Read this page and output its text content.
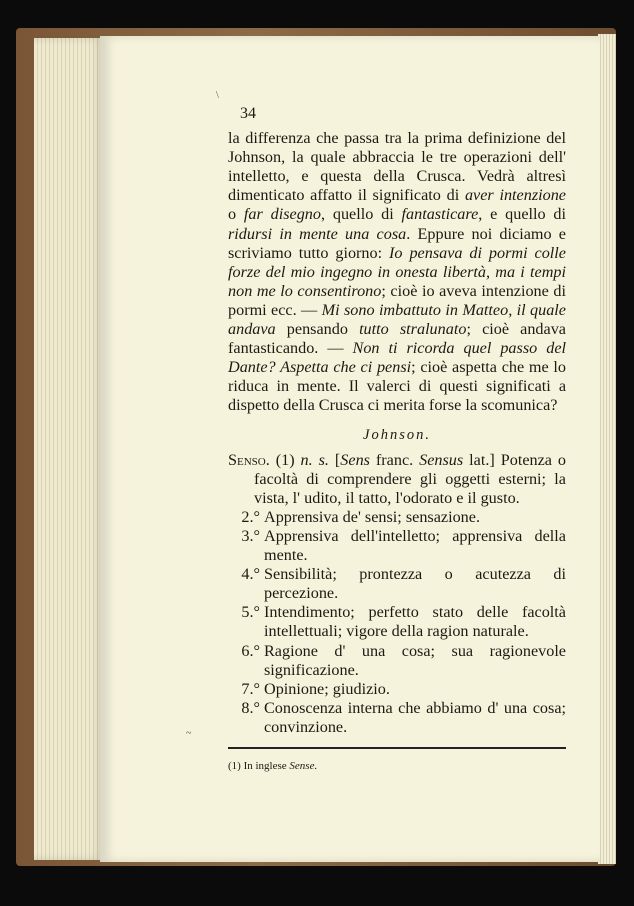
\
34
la differenza che passa tra la prima definizione del Johnson, la quale abbraccia le tre operazioni dell' intelletto, e questa della Crusca. Vedrà altresì dimenticato affatto il significato di aver intenzione o far disegno, quello di fantasticare, e quello di ridursi in mente una cosa. Eppure noi diciamo e scriviamo tutto giorno: Io pensava di pormi colle forze del mio ingegno in onesta libertà, ma i tempi non me lo consentirono; cioè io aveva intenzione di pormi ecc. — Mi sono imbattuto in Matteo, il quale andava pensando tutto stralunato; cioè andava fantasticando. — Non ti ricorda quel passo del Dante? Aspetta che ci pensi; cioè aspetta che me lo riduca in mente. Il valerci di questi significati a dispetto della Crusca ci merita forse la scomunica?
Johnson.
Senso. (1) n. s. [Sens franc. Sensus lat.] Potenza o facoltà di comprendere gli oggetti esterni; la vista, l' udito, il tatto, l'odorato e il gusto.
2.° Apprensiva de' sensi; sensazione.
3.° Apprensiva dell'intelletto; apprensiva della mente.
4.° Sensibilità; prontezza o acutezza di percezione.
5.° Intendimento; perfetto stato delle facoltà intellettuali; vigore della ragion naturale.
6.° Ragione d' una cosa; sua ragionevole significazione.
7.° Opinione; giudizio.
8.° Conoscenza interna che abbiamo d' una cosa; convinzione.
(1) In inglese Sense.
~
